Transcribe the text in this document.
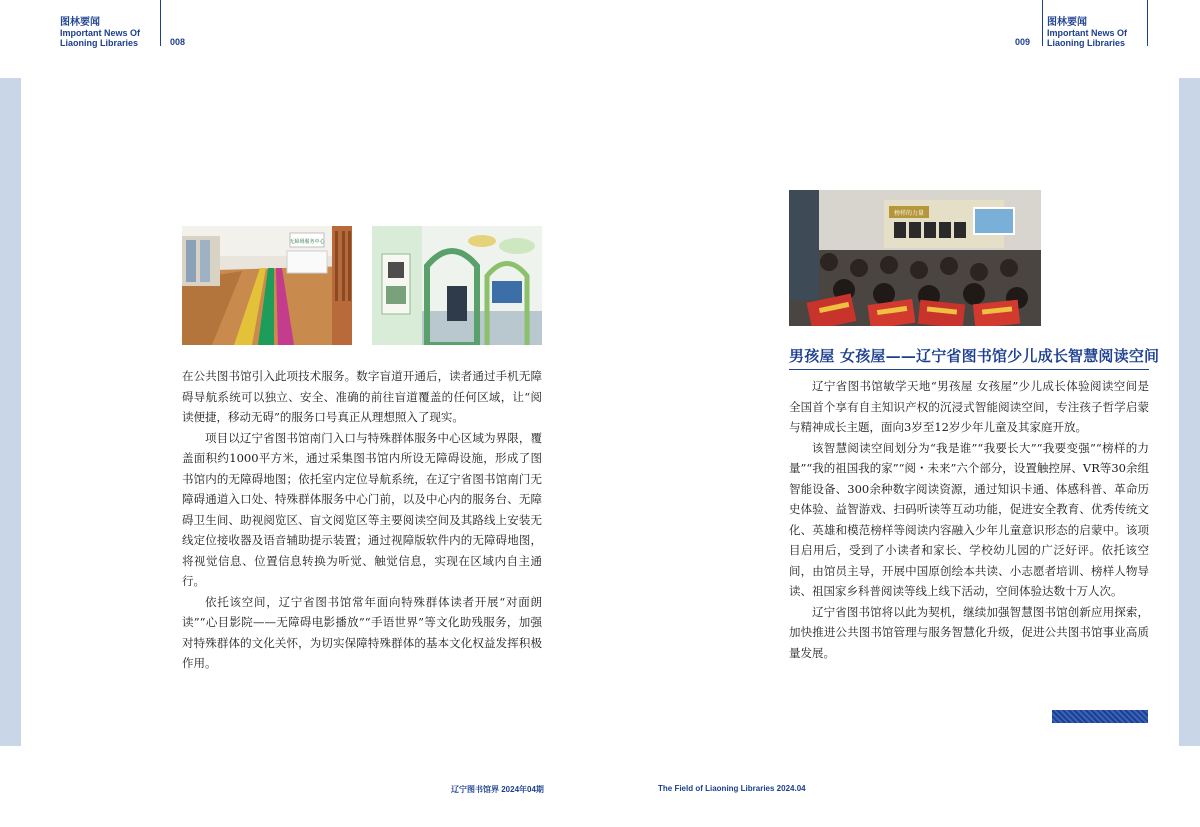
图林要闻
Important News Of Liaoning Libraries	008	009
图林要闻
Important News Of Liaoning Libraries
无障碍服务中心
榜样的力量

在公共图书馆引入此项技术服务。数字盲道开通后，读者通过手机无障碍导航系统可以独立、安全、准确的前往盲道覆盖的任何区域，让“阅读便捷，移动无碍”的服务口号真正从理想照入了现实。

项目以辽宁省图书馆南门入口与特殊群体服务中心区域为界限，覆盖面积约1000平方米，通过采集图书馆内所设无障碍设施，形成了图书馆内的无障碍地图；依托室内定位导航系统，在辽宁省图书馆南门无障碍通道入口处、特殊群体服务中心门前，以及中心内的服务台、无障碍卫生间、助视阅览区、盲文阅览区等主要阅读空间及其路线上安装无线定位接收器及语音辅助提示装置；通过视障版软件内的无障碍地图，将视觉信息、位置信息转换为听觉、触觉信息，实现在区域内自主通行。

依托该空间，辽宁省图书馆常年面向特殊群体读者开展“对面朗读”“心目影院——无障碍电影播放”“手语世界”等文化助残服务，加强对特殊群体的文化关怀，为切实保障特殊群体的基本文化权益发挥积极作用。

男孩屋 女孩屋——辽宁省图书馆少儿成长智慧阅读空间

辽宁省图书馆敏学天地“男孩屋 女孩屋”少儿成长体验阅读空间是全国首个享有自主知识产权的沉浸式智能阅读空间，专注孩子哲学启蒙与精神成长主题，面向3岁至12岁少年儿童及其家庭开放。

该智慧阅读空间划分为“我是谁”“我要长大”“我要变强”“榜样的力量”“我的祖国我的家”“阅・未来”六个部分，设置触控屏、VR等30余组智能设备、300余种数字阅读资源，通过知识卡通、体感科普、革命历史体验、益智游戏、扫码听读等互动功能，促进安全教育、优秀传统文化、英雄和模范榜样等阅读内容融入少年儿童意识形态的启蒙中。该项目启用后，受到了小读者和家长、学校幼儿园的广泛好评。依托该空间，由馆员主导，开展中国原创绘本共读、小志愿者培训、榜样人物导读、祖国家乡科普阅读等线上线下活动，空间体验达数十万人次。

辽宁省图书馆将以此为契机，继续加强智慧图书馆创新应用探索，加快推进公共图书馆管理与服务智慧化升级，促进公共图书馆事业高质量发展。

辽宁图书馆界 2024年04期	The Field of Liaoning Libraries 2024.04
